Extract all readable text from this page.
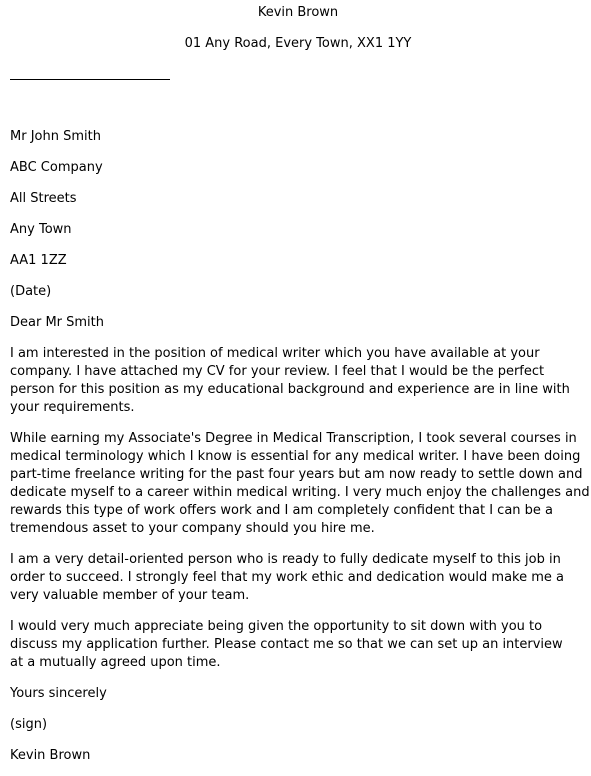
Kevin Brown
01 Any Road, Every Town, XX1 1YY
Mr John Smith
ABC Company
All Streets
Any Town
AA1 1ZZ
(Date)
Dear Mr Smith

I am interested in the position of medical writer which you have available at your company. I have attached my CV for your review. I feel that I would be the perfect person for this position as my educational background and experience are in line with your requirements.

While earning my Associate's Degree in Medical Transcription, I took several courses in medical terminology which I know is essential for any medical writer. I have been doing part-time freelance writing for the past four years but am now ready to settle down and dedicate myself to a career within medical writing. I very much enjoy the challenges and rewards this type of work offers work and I am completely confident that I can be a tremendous asset to your company should you hire me.

I am a very detail-oriented person who is ready to fully dedicate myself to this job in order to succeed. I strongly feel that my work ethic and dedication would make me a very valuable member of your team.

I would very much appreciate being given the opportunity to sit down with you to discuss my application further. Please contact me so that we can set up an interview at a mutually agreed upon time.

Yours sincerely
(sign)
Kevin Brown
